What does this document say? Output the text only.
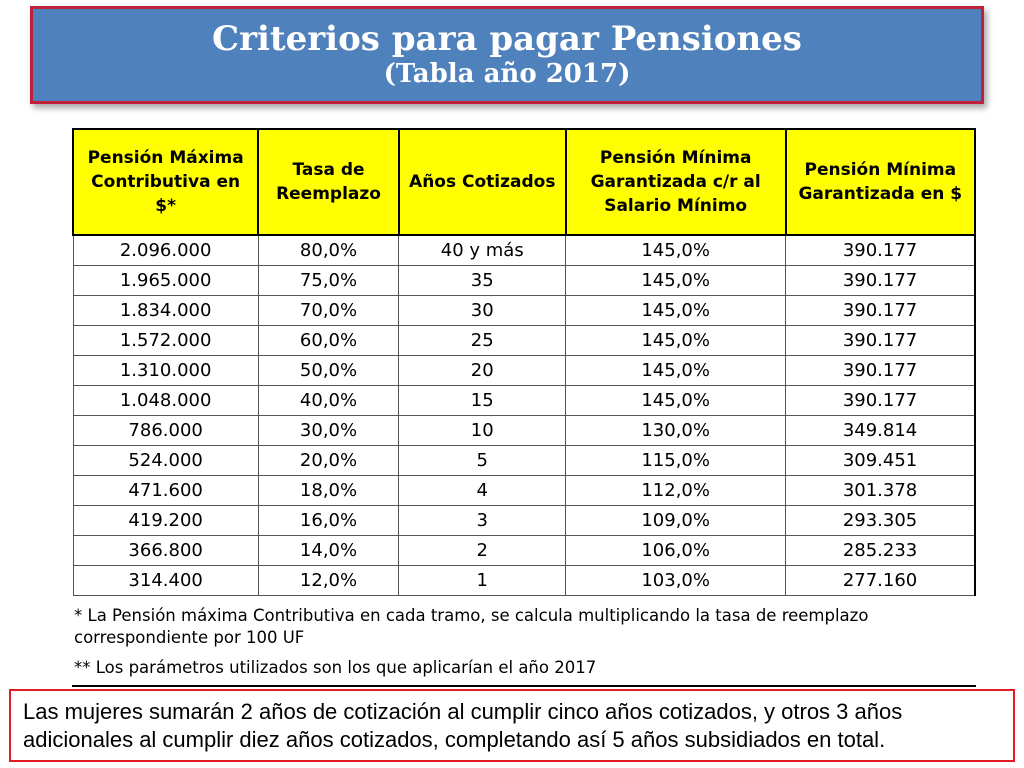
Criterios para pagar Pensiones
(Tabla año 2017)
Pensión Máxima Contributiva en $*	Tasa de Reemplazo	Años Cotizados	Pensión Mínima Garantizada c/r al Salario Mínimo	Pensión Mínima Garantizada en $
2.096.000	80,0%	40 y más	145,0%	390.177
1.965.000	75,0%	35	145,0%	390.177
1.834.000	70,0%	30	145,0%	390.177
1.572.000	60,0%	25	145,0%	390.177
1.310.000	50,0%	20	145,0%	390.177
1.048.000	40,0%	15	145,0%	390.177
786.000	30,0%	10	130,0%	349.814
524.000	20,0%	5	115,0%	309.451
471.600	18,0%	4	112,0%	301.378
419.200	16,0%	3	109,0%	293.305
366.800	14,0%	2	106,0%	285.233
314.400	12,0%	1	103,0%	277.160
* La Pensión máxima Contributiva en cada tramo, se calcula multiplicando la tasa de reemplazo correspondiente por 100 UF
** Los parámetros utilizados son los que aplicarían el año 2017
Las mujeres sumarán 2 años de cotización al cumplir cinco años cotizados, y otros 3 años adicionales al cumplir diez años cotizados, completando así 5 años subsidiados en total.
